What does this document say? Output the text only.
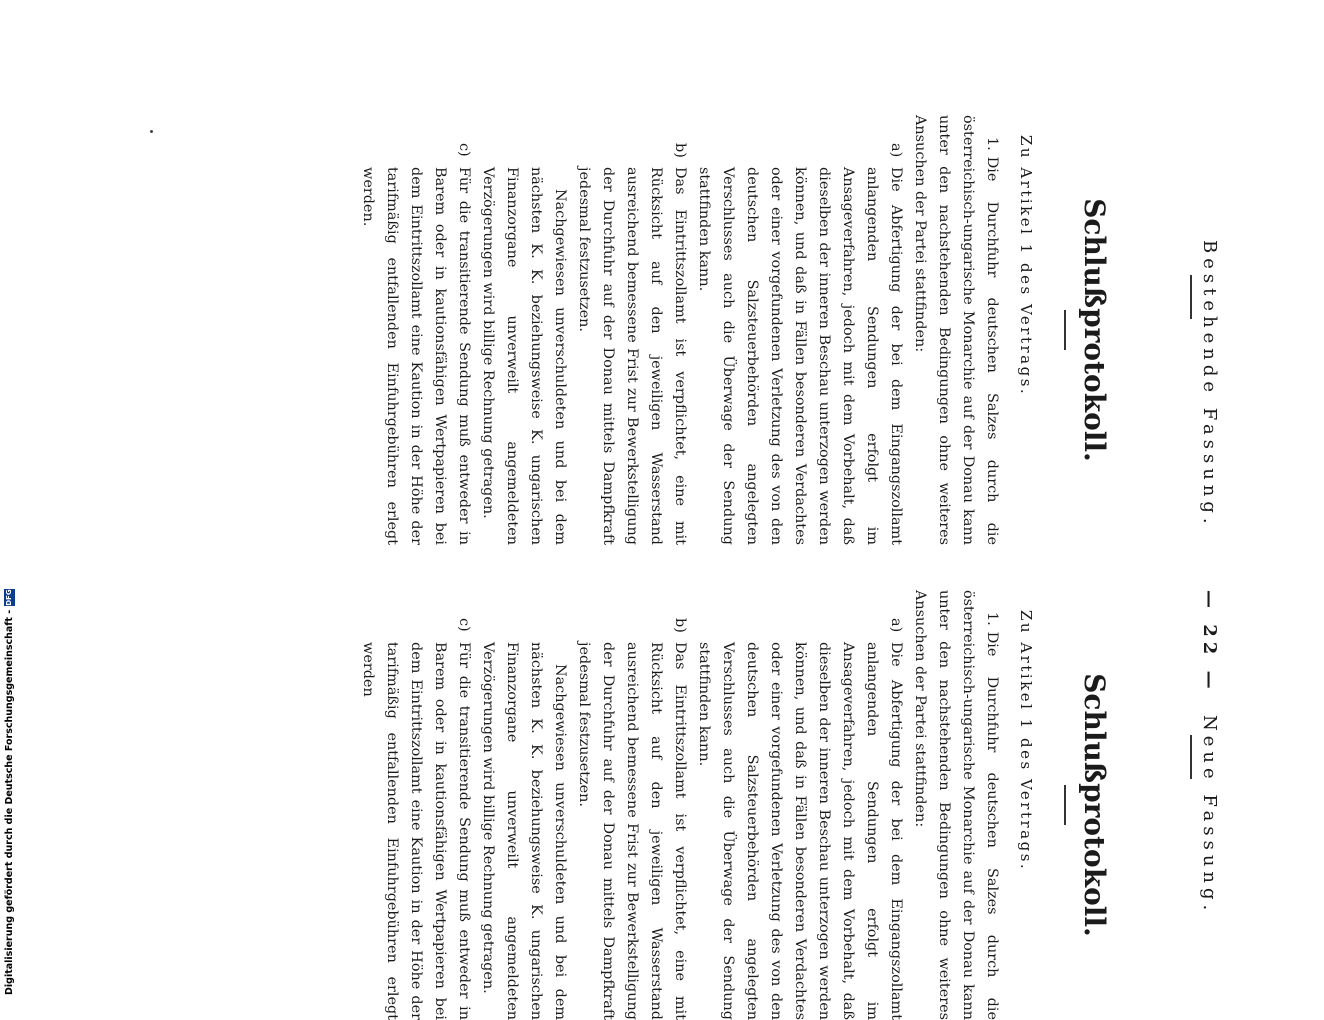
Bestehende Fassung.
— 22 —
Neue Fassung.
Schlußprotokoll.

Zu Artikel 1 des Vertrags.

1.Die Durchfuhr deutschen Salzes durch die österreichisch-ungarische Monarchie auf der Donau kann unter den nachstehenden Bedingungen ohne weiteres Ansuchen der Partei stattfinden:

a)
Die Abfertigung der bei dem Eingangszollamt anlangenden Sendungen erfolgt im Ansageverfahren, jedoch mit dem Vorbehalt, daß dieselben der inneren Beschau unterzogen werden können, und daß in Fällen besonderen Verdachtes oder einer vorgefundenen Verletzung des von den deutschen Salzsteuerbehörden angelegten Verschlusses auch die Überwage der Sendung stattfinden kann.

b)
Das Eintrittszollamt ist verpflichtet, eine mit Rücksicht auf den jeweiligen Wasserstand ausreichend bemessene Frist zur Bewerkstelligung der Durchfuhr auf der Donau mittels Dampfkraft jedesmal festzusetzen.

Nachgewiesen unverschuldeten und bei dem nächsten K. K. beziehungsweise K. ungarischen Finanzorgane unverweilt angemeldeten Verzögerungen wird billige Rechnung getragen.

c)
Für die transitierende Sendung muß entweder in Barem oder in kautionsfähigen Wertpapieren bei dem Eintrittszollamt eine Kaution in der Höhe der tarifmäßig entfallenden Einfuhrgebühren erlegt werden.

Schlußprotokoll.

Zu Artikel 1 des Vertrags.

1.Die Durchfuhr deutschen Salzes durch die österreichisch-ungarische Monarchie auf der Donau kann unter den nachstehenden Bedingungen ohne weiteres Ansuchen der Partei stattfinden:

a)
Die Abfertigung der bei dem Eingangszollamt anlangenden Sendungen erfolgt im Ansageverfahren, jedoch mit dem Vorbehalt, daß dieselben der inneren Beschau unterzogen werden können, und daß in Fällen besonderen Verdachtes oder einer vorgefundenen Verletzung des von den deutschen Salzsteuerbehörden angelegten Verschlusses auch die Überwage der Sendung stattfinden kann.

b)
Das Eintrittszollamt ist verpflichtet, eine mit Rücksicht auf den jeweiligen Wasserstand ausreichend bemessene Frist zur Bewerkstelligung der Durchfuhr auf der Donau mittels Dampfkraft jedesmal festzusetzen.

Nachgewiesen unverschuldeten und bei dem nächsten K. K. beziehungsweise K. ungarischen Finanzorgane unverweilt angemeldeten Verzögerungen wird billige Rechnung getragen.

c)
Für die transitierende Sendung muß entweder in Barem oder in kautionsfähigen Wertpapieren bei dem Eintrittszollamt eine Kaution in der Höhe der tarifmäßig entfallenden Einfuhrgebühren erlegt werden

Digitalisierung gefördert durch die Deutsche Forschungsgemeinschaft -
DFG
